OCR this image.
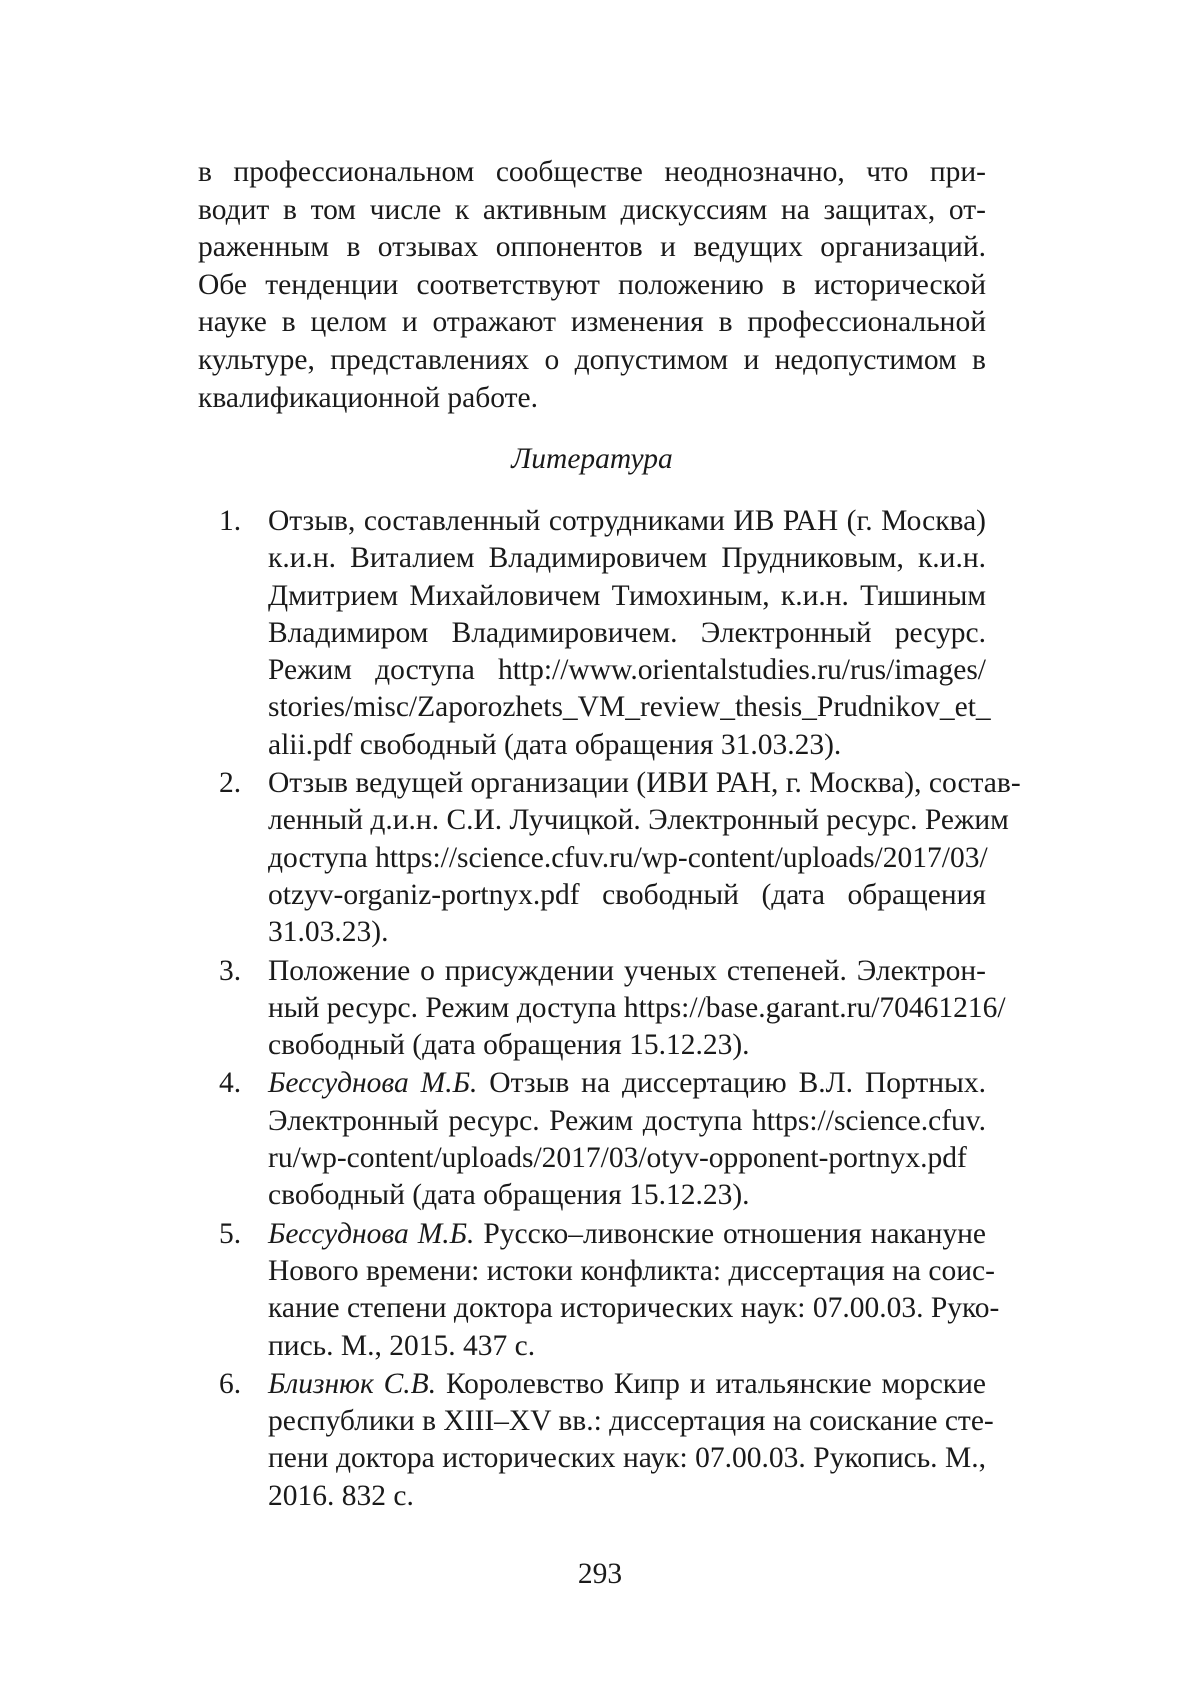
в профессиональном сообществе неоднозначно, что при-
водит в том числе к активным дискуссиям на защитах, от-
раженным в отзывах оппонентов и ведущих организаций.
Обе тенденции соответствуют положению в исторической
науке в целом и отражают изменения в профессиональной
культуре, представлениях о допустимом и недопустимом в
квалификационной работе.
Литература
1. Отзыв, составленный сотрудниками ИВ РАН (г. Москва)
к.и.н. Виталием Владимировичем Прудниковым, к.и.н.
Дмитрием Михайловичем Тимохиным, к.и.н. Тишиным
Владимиром Владимировичем. Электронный ресурс.
Режим доступа http://www.orientalstudies.ru/rus/images/
stories/misc/Zaporozhets_VM_review_thesis_Prudnikov_et_
alii.pdf свободный (дата обращения 31.03.23).
2. Отзыв ведущей организации (ИВИ РАН, г. Москва), состав-
ленный д.и.н. С.И. Лучицкой. Электронный ресурс. Режим
доступа https://science.cfuv.ru/wp-content/uploads/2017/03/
otzyv-organiz-portnyx.pdf свободный (дата обращения
31.03.23).
3. Положение о присуждении ученых степеней. Электрон-
ный ресурс. Режим доступа https://base.garant.ru/70461216/
свободный (дата обращения 15.12.23).
4. Бессуднова М.Б. Отзыв на диссертацию В.Л. Портных.
Электронный ресурс. Режим доступа https://science.cfuv.
ru/wp-content/uploads/2017/03/otyv-opponent-portnyx.pdf
свободный (дата обращения 15.12.23).
5. Бессуднова М.Б. Русско–ливонские отношения накануне
Нового времени: истоки конфликта: диссертация на соис-
кание степени доктора исторических наук: 07.00.03. Руко-
пись. М., 2015. 437 с.
6. Близнюк С.В. Королевство Кипр и итальянские морские
республики в XIII–XV вв.: диссертация на соискание сте-
пени доктора исторических наук: 07.00.03. Рукопись. М.,
2016. 832 с.
293
